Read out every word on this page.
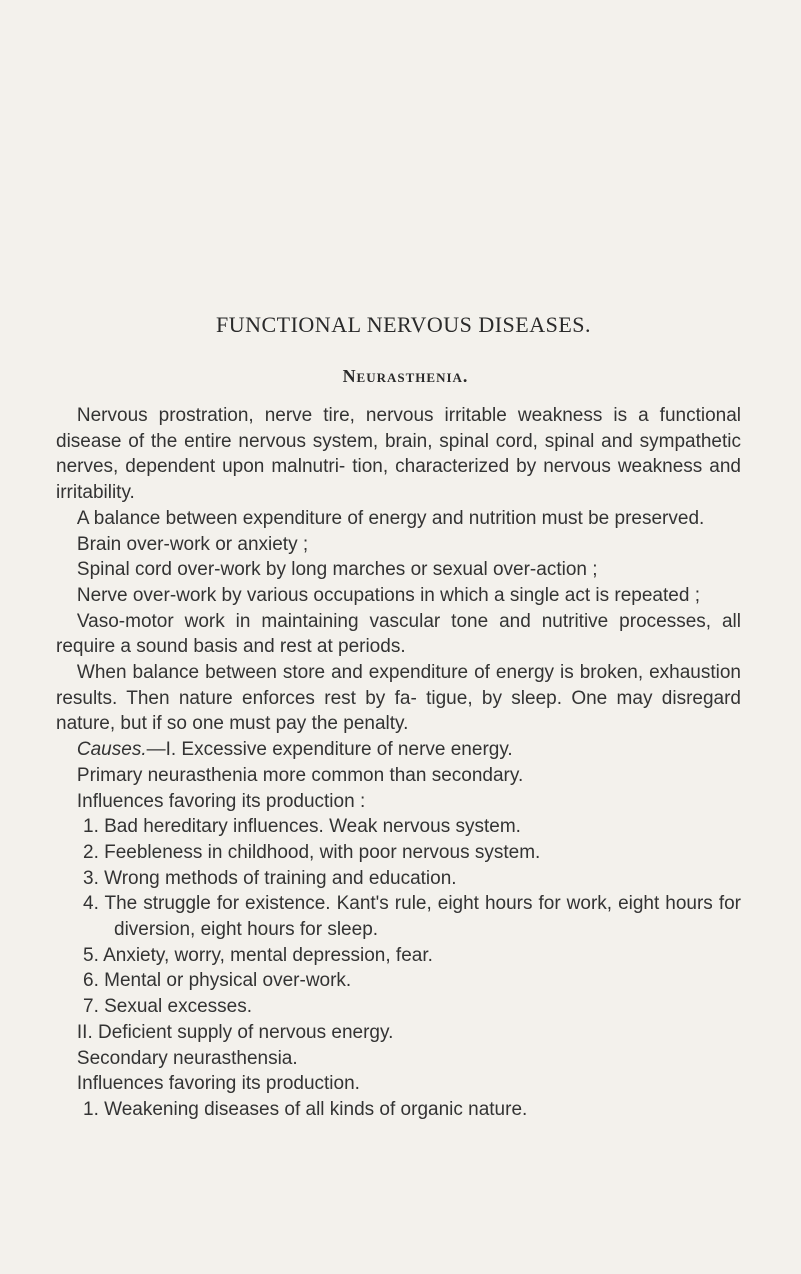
FUNCTIONAL NERVOUS DISEASES.
Neurasthenia.

Nervous prostration, nerve tire, nervous irritable weakness is a functional disease of the entire nervous system, brain, spinal cord, spinal and sympathetic nerves, dependent upon malnutri- tion, characterized by nervous weakness and irritability.

A balance between expenditure of energy and nutrition must be preserved.

Brain over-work or anxiety ;

Spinal cord over-work by long marches or sexual over-action ;

Nerve over-work by various occupations in which a single act is repeated ;

Vaso-motor work in maintaining vascular tone and nutritive processes, all require a sound basis and rest at periods.

When balance between store and expenditure of energy is broken, exhaustion results. Then nature enforces rest by fa- tigue, by sleep. One may disregard nature, but if so one must pay the penalty.

Causes.—I. Excessive expenditure of nerve energy.

Primary neurasthenia more common than secondary.

Influences favoring its production :

1. Bad hereditary influences. Weak nervous system.

2. Feebleness in childhood, with poor nervous system.

3. Wrong methods of training and education.

4. The struggle for existence. Kant's rule, eight hours for work, eight hours for diversion, eight hours for sleep.

5. Anxiety, worry, mental depression, fear.

6. Mental or physical over-work.

7. Sexual excesses.

II. Deficient supply of nervous energy.

Secondary neurasthensia.

Influences favoring its production.

1. Weakening diseases of all kinds of organic nature.
